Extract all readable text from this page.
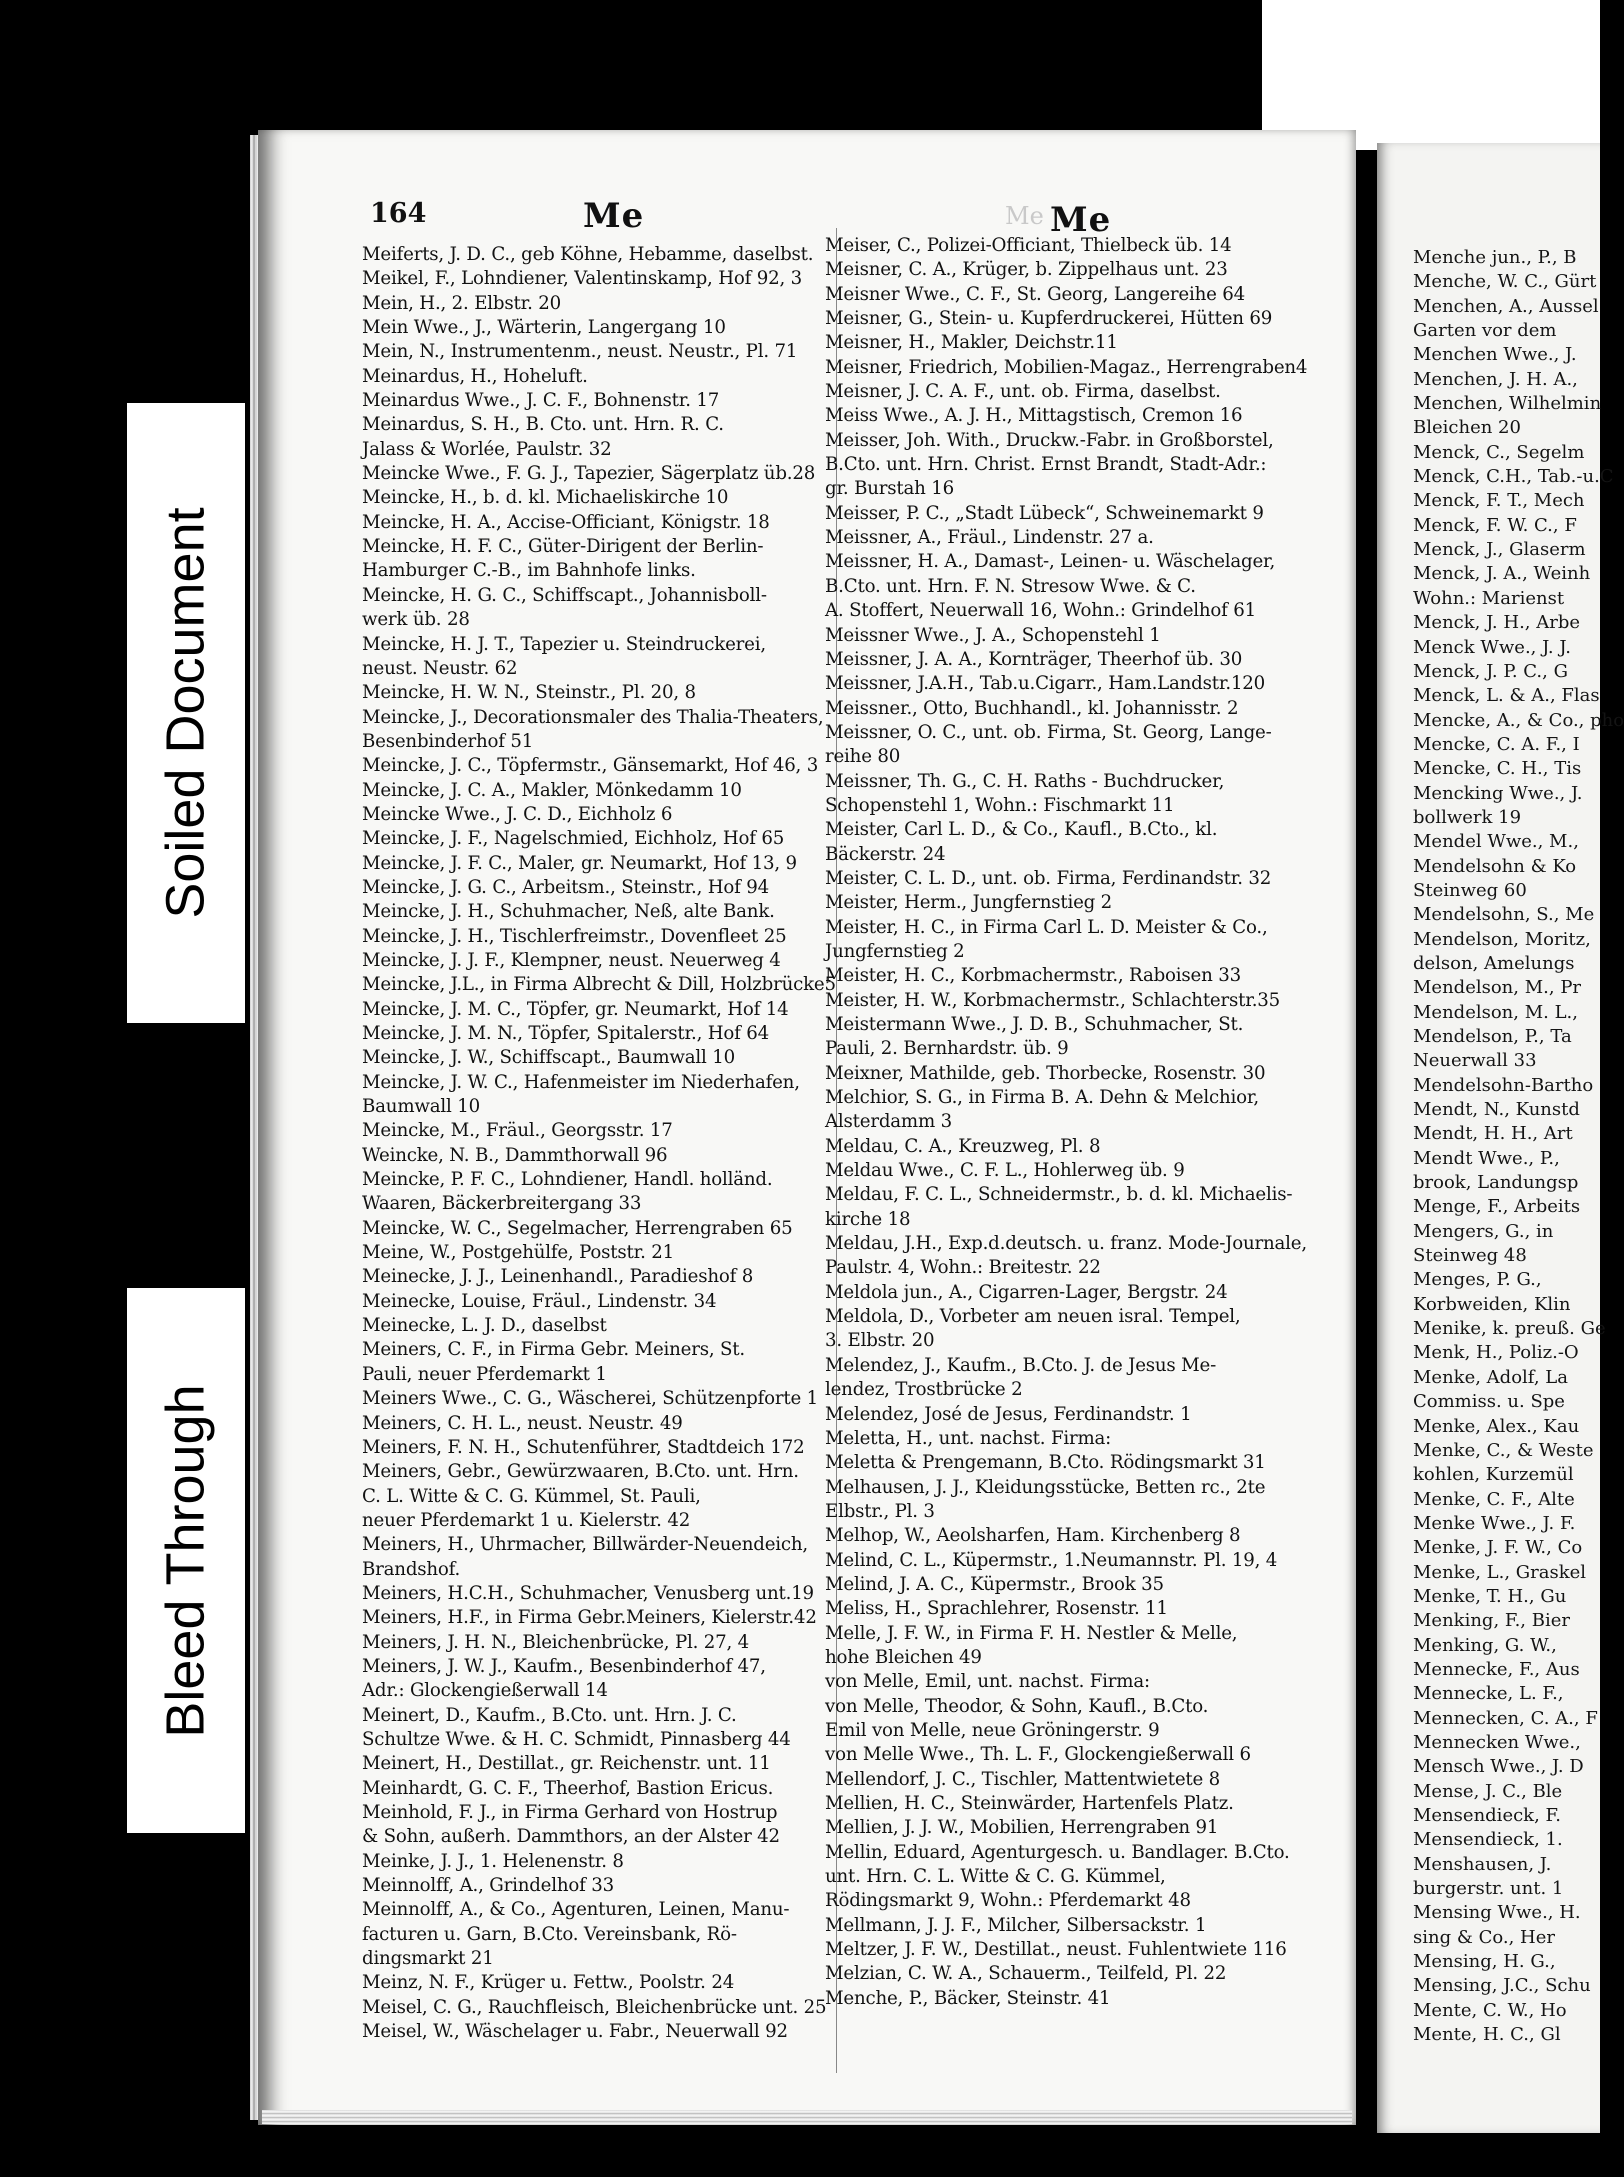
Menche jun., P., B
Menche, W. C., Gürt
Menchen, A., Aussel
Garten vor dem
Menchen Wwe., J.
Menchen, J. H. A.,
Menchen, Wilhelmin
Bleichen 20
Menck, C., Segelm
Menck, C.H., Tab.-u.C
Menck, F. T., Mech
Menck, F. W. C., F
Menck, J., Glaserm
Menck, J. A., Weinh
Wohn.: Marienst
Menck, J. H., Arbe
Menck Wwe., J. J.
Menck, J. P. C., G
Menck, L. & A., Flas
Mencke, A., & Co., pho
Mencke, C. A. F., I
Mencke, C. H., Tis
Mencking Wwe., J.
bollwerk 19
Mendel Wwe., M.,
Mendelsohn & Ko
Steinweg 60
Mendelsohn, S., Me
Mendelson, Moritz,
delson, Amelungs
Mendelson, M., Pr
Mendelson, M. L.,
Mendelson, P., Ta
Neuerwall 33
Mendelsohn-Bartho
Mendt, N., Kunstd
Mendt, H. H., Art
Mendt Wwe., P.,
brook, Landungsp
Menge, F., Arbeits
Mengers, G., in
Steinweg 48
Menges, P. G.,
Korbweiden, Klin
Menike, k. preuß. Ge
Menk, H., Poliz.-O
Menke, Adolf, La
Commiss. u. Spe
Menke, Alex., Kau
Menke, C., & Weste
kohlen, Kurzemül
Menke, C. F., Alte
Menke Wwe., J. F.
Menke, J. F. W., Co
Menke, L., Graskel
Menke, T. H., Gu
Menking, F., Bier
Menking, G. W.,
Mennecke, F., Aus
Mennecke, L. F.,
Mennecken, C. A., F
Mennecken Wwe.,
Mensch Wwe., J. D
Mense, J. C., Ble
Mensendieck, F.
Mensendieck, 1.
Menshausen, J.
burgerstr. unt. 1
Mensing Wwe., H.
sing & Co., Her
Mensing, H. G.,
Mensing, J.C., Schu
Mente, C. W., Ho
Mente, H. C., Gl
164	Me	Me Me
Meiferts, J. D. C., geb Köhne, Hebamme, daselbst.
Meikel, F., Lohndiener, Valentinskamp, Hof 92, 3
Mein, H., 2. Elbstr. 20
Mein Wwe., J., Wärterin, Langergang 10
Mein, N., Instrumentenm., neust. Neustr., Pl. 71
Meinardus, H., Hoheluft.
Meinardus Wwe., J. C. F., Bohnenstr. 17
Meinardus, S. H., B. Cto. unt. Hrn. R. C.
Jalass & Worlée, Paulstr. 32
Meincke Wwe., F. G. J., Tapezier, Sägerplatz üb.28
Meincke, H., b. d. kl. Michaeliskirche 10
Meincke, H. A., Accise-Officiant, Königstr. 18
Meincke, H. F. C., Güter-Dirigent der Berlin-
Hamburger C.-B., im Bahnhofe links.
Meincke, H. G. C., Schiffscapt., Johannisboll-
werk üb. 28
Meincke, H. J. T., Tapezier u. Steindruckerei,
neust. Neustr. 62
Meincke, H. W. N., Steinstr., Pl. 20, 8
Meincke, J., Decorationsmaler des Thalia-Theaters,
Besenbinderhof 51
Meincke, J. C., Töpfermstr., Gänsemarkt, Hof 46, 3
Meincke, J. C. A., Makler, Mönkedamm 10
Meincke Wwe., J. C. D., Eichholz 6
Meincke, J. F., Nagelschmied, Eichholz, Hof 65
Meincke, J. F. C., Maler, gr. Neumarkt, Hof 13, 9
Meincke, J. G. C., Arbeitsm., Steinstr., Hof 94
Meincke, J. H., Schuhmacher, Neß, alte Bank.
Meincke, J. H., Tischlerfreimstr., Dovenfleet 25
Meincke, J. J. F., Klempner, neust. Neuerweg 4
Meincke, J.L., in Firma Albrecht & Dill, Holzbrücke5
Meincke, J. M. C., Töpfer, gr. Neumarkt, Hof 14
Meincke, J. M. N., Töpfer, Spitalerstr., Hof 64
Meincke, J. W., Schiffscapt., Baumwall 10
Meincke, J. W. C., Hafenmeister im Niederhafen,
Baumwall 10
Meincke, M., Fräul., Georgsstr. 17
Weincke, N. B., Dammthorwall 96
Meincke, P. F. C., Lohndiener, Handl. holländ.
Waaren, Bäckerbreitergang 33
Meincke, W. C., Segelmacher, Herrengraben 65
Meine, W., Postgehülfe, Poststr. 21
Meinecke, J. J., Leinenhandl., Paradieshof 8
Meinecke, Louise, Fräul., Lindenstr. 34
Meinecke, L. J. D., daselbst
Meiners, C. F., in Firma Gebr. Meiners, St.
Pauli, neuer Pferdemarkt 1
Meiners Wwe., C. G., Wäscherei, Schützenpforte 1
Meiners, C. H. L., neust. Neustr. 49
Meiners, F. N. H., Schutenführer, Stadtdeich 172
Meiners, Gebr., Gewürzwaaren, B.Cto. unt. Hrn.
C. L. Witte & C. G. Kümmel, St. Pauli,
neuer Pferdemarkt 1 u. Kielerstr. 42
Meiners, H., Uhrmacher, Billwärder-Neuendeich,
Brandshof.
Meiners, H.C.H., Schuhmacher, Venusberg unt.19
Meiners, H.F., in Firma Gebr.Meiners, Kielerstr.42
Meiners, J. H. N., Bleichenbrücke, Pl. 27, 4
Meiners, J. W. J., Kaufm., Besenbinderhof 47,
Adr.: Glockengießerwall 14
Meinert, D., Kaufm., B.Cto. unt. Hrn. J. C.
Schultze Wwe. & H. C. Schmidt, Pinnasberg 44
Meinert, H., Destillat., gr. Reichenstr. unt. 11
Meinhardt, G. C. F., Theerhof, Bastion Ericus.
Meinhold, F. J., in Firma Gerhard von Hostrup
& Sohn, außerh. Dammthors, an der Alster 42
Meinke, J. J., 1. Helenenstr. 8
Meinnolff, A., Grindelhof 33
Meinnolff, A., & Co., Agenturen, Leinen, Manu-
facturen u. Garn, B.Cto. Vereinsbank, Rö-
dingsmarkt 21
Meinz, N. F., Krüger u. Fettw., Poolstr. 24
Meisel, C. G., Rauchfleisch, Bleichenbrücke unt. 25
Meisel, W., Wäschelager u. Fabr., Neuerwall 92
Meiser, C., Polizei-Officiant, Thielbeck üb. 14
Meisner, C. A., Krüger, b. Zippelhaus unt. 23
Meisner Wwe., C. F., St. Georg, Langereihe 64
Meisner, G., Stein- u. Kupferdruckerei, Hütten 69
Meisner, H., Makler, Deichstr.11
Meisner, Friedrich, Mobilien-Magaz., Herrengraben4
Meisner, J. C. A. F., unt. ob. Firma, daselbst.
Meiss Wwe., A. J. H., Mittagstisch, Cremon 16
Meisser, Joh. With., Druckw.-Fabr. in Großborstel,
B.Cto. unt. Hrn. Christ. Ernst Brandt, Stadt-Adr.:
gr. Burstah 16
Meisser, P. C., „Stadt Lübeck“, Schweinemarkt 9
Meissner, A., Fräul., Lindenstr. 27 a.
Meissner, H. A., Damast-, Leinen- u. Wäschelager,
B.Cto. unt. Hrn. F. N. Stresow Wwe. & C.
A. Stoffert, Neuerwall 16, Wohn.: Grindelhof 61
Meissner Wwe., J. A., Schopenstehl 1
Meissner, J. A. A., Kornträger, Theerhof üb. 30
Meissner, J.A.H., Tab.u.Cigarr., Ham.Landstr.120
Meissner., Otto, Buchhandl., kl. Johannisstr. 2
Meissner, O. C., unt. ob. Firma, St. Georg, Lange-
reihe 80
Meissner, Th. G., C. H. Raths - Buchdrucker,
Schopenstehl 1, Wohn.: Fischmarkt 11
Meister, Carl L. D., & Co., Kaufl., B.Cto., kl.
Bäckerstr. 24
Meister, C. L. D., unt. ob. Firma, Ferdinandstr. 32
Meister, Herm., Jungfernstieg 2
Meister, H. C., in Firma Carl L. D. Meister & Co.,
Jungfernstieg 2
Meister, H. C., Korbmachermstr., Raboisen 33
Meister, H. W., Korbmachermstr., Schlachterstr.35
Meistermann Wwe., J. D. B., Schuhmacher, St.
Pauli, 2. Bernhardstr. üb. 9
Meixner, Mathilde, geb. Thorbecke, Rosenstr. 30
Melchior, S. G., in Firma B. A. Dehn & Melchior,
Alsterdamm 3
Meldau, C. A., Kreuzweg, Pl. 8
Meldau Wwe., C. F. L., Hohlerweg üb. 9
Meldau, F. C. L., Schneidermstr., b. d. kl. Michaelis-
kirche 18
Meldau, J.H., Exp.d.deutsch. u. franz. Mode-Journale,
Paulstr. 4, Wohn.: Breitestr. 22
Meldola jun., A., Cigarren-Lager, Bergstr. 24
Meldola, D., Vorbeter am neuen isral. Tempel,
3. Elbstr. 20
Melendez, J., Kaufm., B.Cto. J. de Jesus Me-
lendez, Trostbrücke 2
Melendez, José de Jesus, Ferdinandstr. 1
Meletta, H., unt. nachst. Firma:
Meletta & Prengemann, B.Cto. Rödingsmarkt 31
Melhausen, J. J., Kleidungsstücke, Betten rc., 2te
Elbstr., Pl. 3
Melhop, W., Aeolsharfen, Ham. Kirchenberg 8
Melind, C. L., Küpermstr., 1.Neumannstr. Pl. 19, 4
Melind, J. A. C., Küpermstr., Brook 35
Meliss, H., Sprachlehrer, Rosenstr. 11
Melle, J. F. W., in Firma F. H. Nestler & Melle,
hohe Bleichen 49
von Melle, Emil, unt. nachst. Firma:
von Melle, Theodor, & Sohn, Kaufl., B.Cto.
Emil von Melle, neue Gröningerstr. 9
von Melle Wwe., Th. L. F., Glockengießerwall 6
Mellendorf, J. C., Tischler, Mattentwietete 8
Mellien, H. C., Steinwärder, Hartenfels Platz.
Mellien, J. J. W., Mobilien, Herrengraben 91
Mellin, Eduard, Agenturgesch. u. Bandlager. B.Cto.
unt. Hrn. C. L. Witte & C. G. Kümmel,
Rödingsmarkt 9, Wohn.: Pferdemarkt 48
Mellmann, J. J. F., Milcher, Silbersackstr. 1
Meltzer, J. F. W., Destillat., neust. Fuhlentwiete 116
Melzian, C. W. A., Schauerm., Teilfeld, Pl. 22
Menche, P., Bäcker, Steinstr. 41
Soiled Document
Bleed Through
